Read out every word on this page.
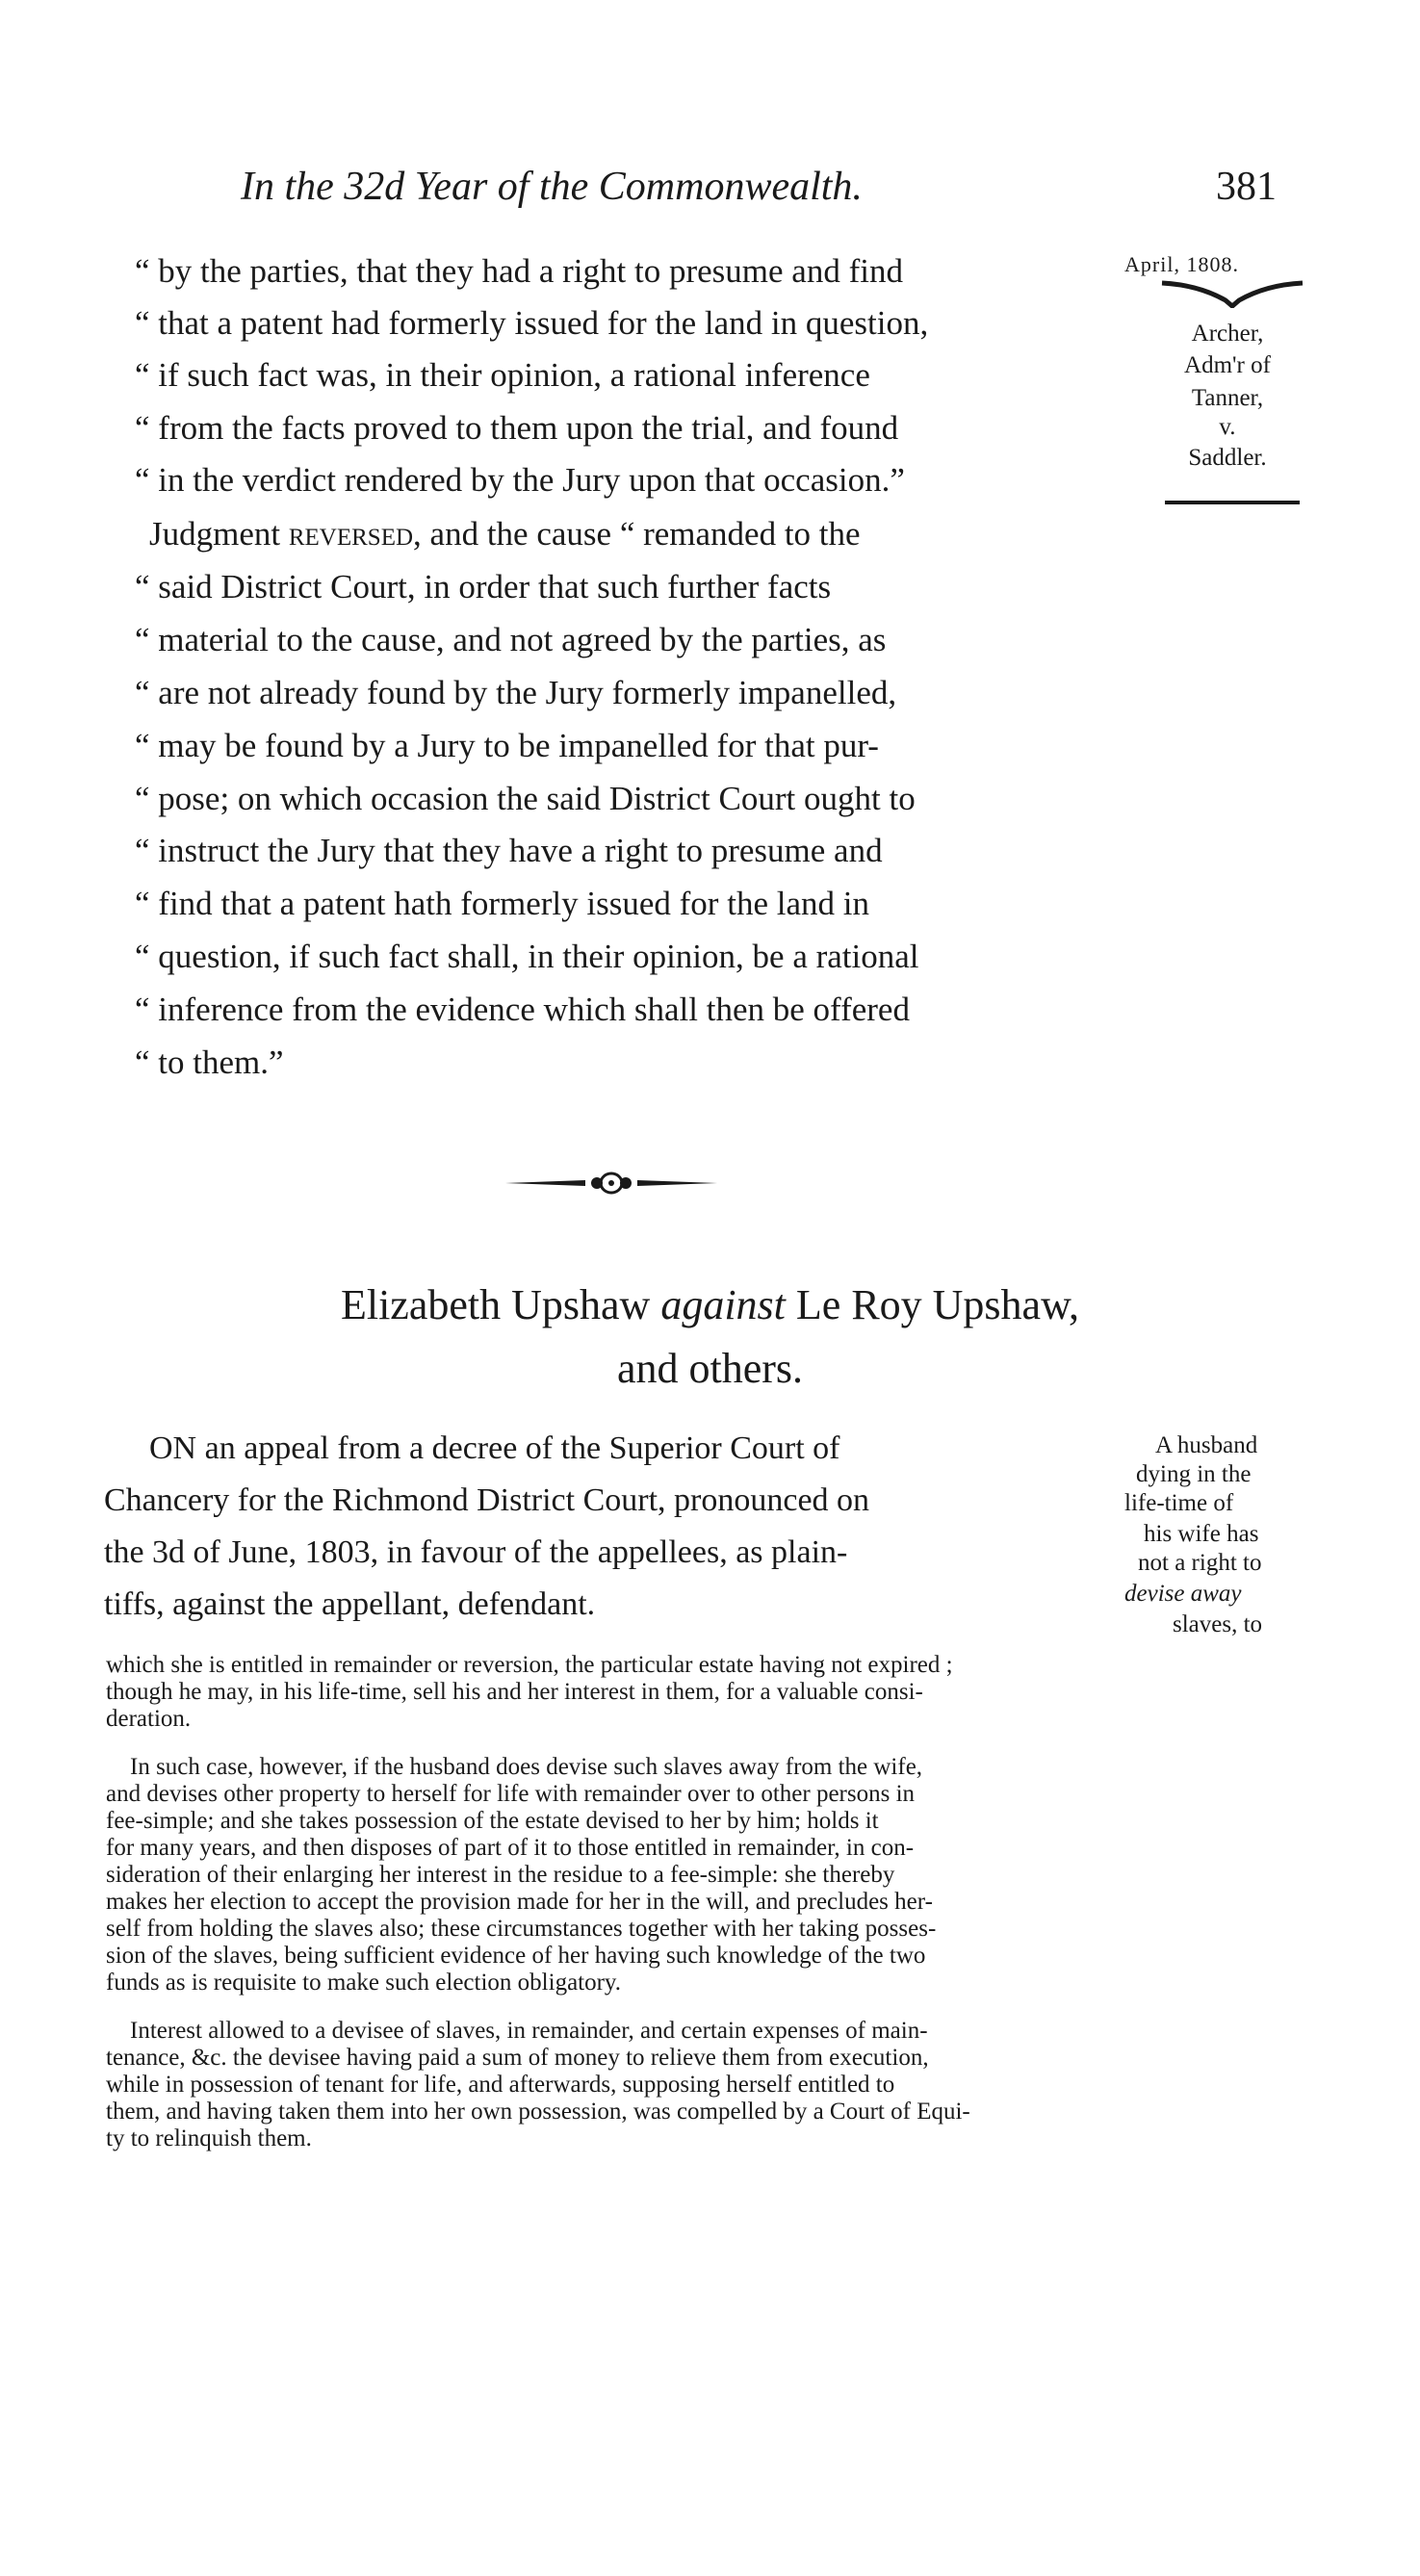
In the 32d Year of the Commonwealth.	381
April, 1808.
Archer,
Adm'r of
Tanner,
v.
Saddler.
“ by the parties, that they had a right to presume and find
“ that a patent had formerly issued for the land in question,
“ if such fact was, in their opinion, a rational inference
“ from the facts proved to them upon the trial, and found
“ in the verdict rendered by the Jury upon that occasion.”
Judgment reversed, and the cause “ remanded to the
“ said District Court, in order that such further facts
“ material to the cause, and not agreed by the parties, as
“ are not already found by the Jury formerly impanelled,
“ may be found by a Jury to be impanelled for that pur-
“ pose; on which occasion the said District Court ought to
“ instruct the Jury that they have a right to presume and
“ find that a patent hath formerly issued for the land in
“ question, if such fact shall, in their opinion, be a rational
“ inference from the evidence which shall then be offered
“ to them.”
Elizabeth Upshaw against Le Roy Upshaw,
and others.
ON an appeal from a decree of the Superior Court of
Chancery for the Richmond District Court, pronounced on
the 3d of June, 1803, in favour of the appellees, as plain-
tiffs, against the appellant, defendant.
A husband
dying in the
life-time of
his wife has
not a right to
devise away
slaves, to
which she is entitled in remainder or reversion, the particular estate having not expired ;
though he may, in his life-time, sell his and her interest in them, for a valuable consi-
deration.
In such case, however, if the husband does devise such slaves away from the wife,
and devises other property to herself for life with remainder over to other persons in
fee-simple; and she takes possession of the estate devised to her by him; holds it
for many years, and then disposes of part of it to those entitled in remainder, in con-
sideration of their enlarging her interest in the residue to a fee-simple: she thereby
makes her election to accept the provision made for her in the will, and precludes her-
self from holding the slaves also; these circumstances together with her taking posses-
sion of the slaves, being sufficient evidence of her having such knowledge of the two
funds as is requisite to make such election obligatory.
Interest allowed to a devisee of slaves, in remainder, and certain expenses of main-
tenance, &c. the devisee having paid a sum of money to relieve them from execution,
while in possession of tenant for life, and afterwards, supposing herself entitled to
them, and having taken them into her own possession, was compelled by a Court of Equi-
ty to relinquish them.
